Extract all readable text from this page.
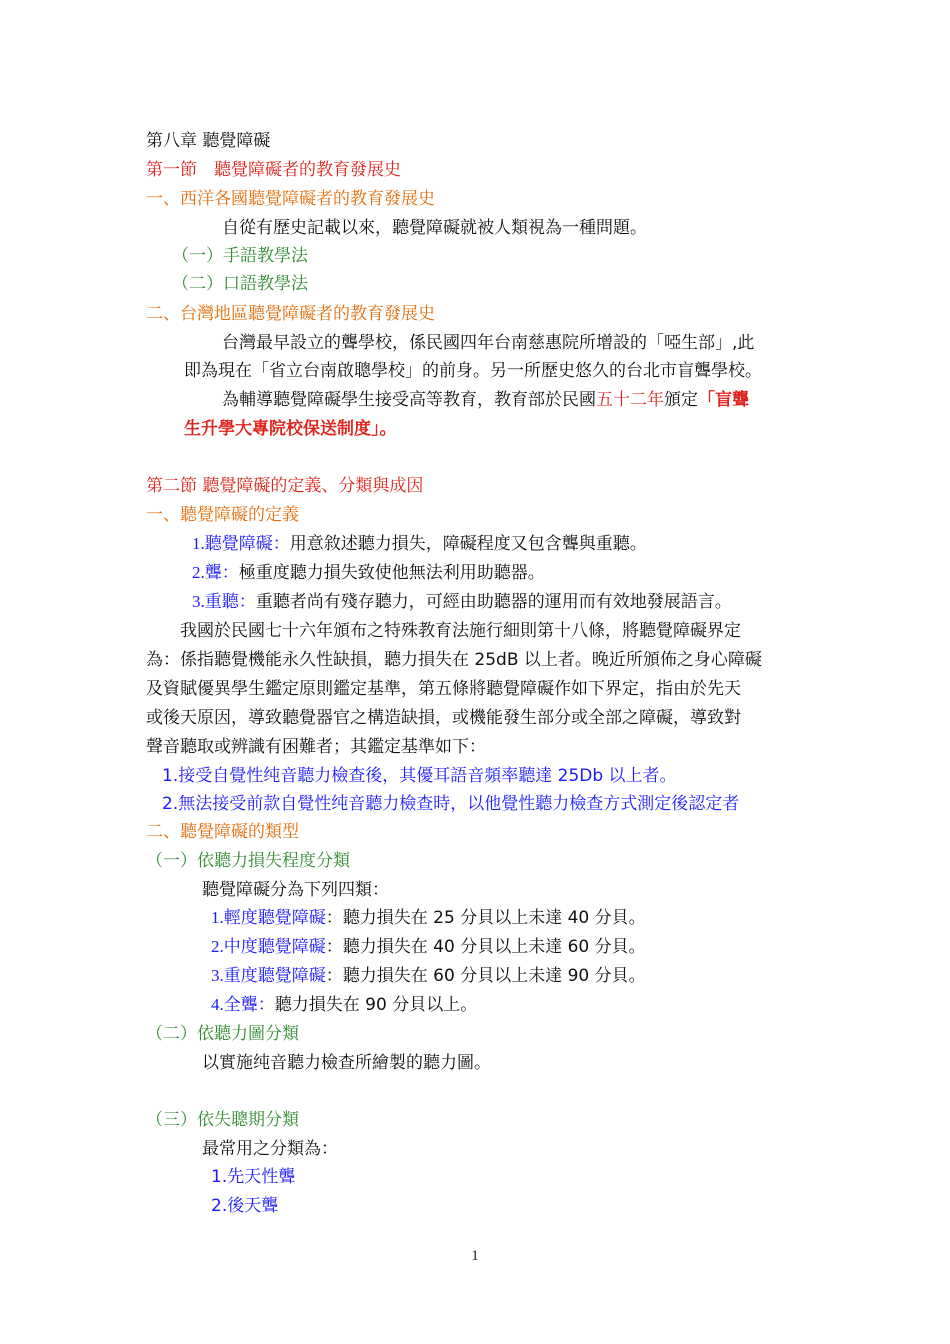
第八章 聽覺障礙
第一節　聽覺障礙者的教育發展史
一、西洋各國聽覺障礙者的教育發展史
自從有歷史記載以來，聽覺障礙就被人類視為一種問題。
（一）手語教學法
（二）口語教學法
二、台灣地區聽覺障礙者的教育發展史
台灣最早設立的聾學校，係民國四年台南慈惠院所增設的「啞生部」,此
即為現在「省立台南啟聰學校」的前身。另一所歷史悠久的台北市盲聾學校。
為輔導聽覺障礙學生接受高等教育，教育部於民國五十二年頒定「盲聾
生升學大專院校保送制度」。
第二節 聽覺障礙的定義、分類與成因
一、聽覺障礙的定義
1.聽覺障礙：用意敘述聽力損失，障礙程度又包含聾與重聽。
2.聾：極重度聽力損失致使他無法利用助聽器。
3.重聽：重聽者尚有殘存聽力，可經由助聽器的運用而有效地發展語言。
　　我國於民國七十六年頒布之特殊教育法施行細則第十八條，將聽覺障礙界定
為：係指聽覺機能永久性缺損，聽力損失在 25dB 以上者。晚近所頒佈之身心障礙
及資賦優異學生鑑定原則鑑定基準，第五條將聽覺障礙作如下界定，指由於先天
或後天原因，導致聽覺器官之構造缺損，或機能發生部分或全部之障礙，導致對
聲音聽取或辨識有困難者；其鑑定基準如下：
1.接受自覺性纯音聽力檢查後，其優耳語音頻率聽達 25Db 以上者。
2.無法接受前款自覺性纯音聽力檢查時，以他覺性聽力檢查方式測定後認定者
二、聽覺障礙的類型
（一）依聽力損失程度分類
聽覺障礙分為下列四類：
1.輕度聽覺障礙：聽力損失在 25 分貝以上未達 40 分貝。
2.中度聽覺障礙：聽力損失在 40 分貝以上未達 60 分貝。
3.重度聽覺障礙：聽力損失在 60 分貝以上未達 90 分貝。
4.全聾：聽力損失在 90 分貝以上。
（二）依聽力圖分類
以實施纯音聽力檢查所繪製的聽力圖。
（三）依失聰期分類
最常用之分類為：
1.先天性聾
2.後天聾
1
